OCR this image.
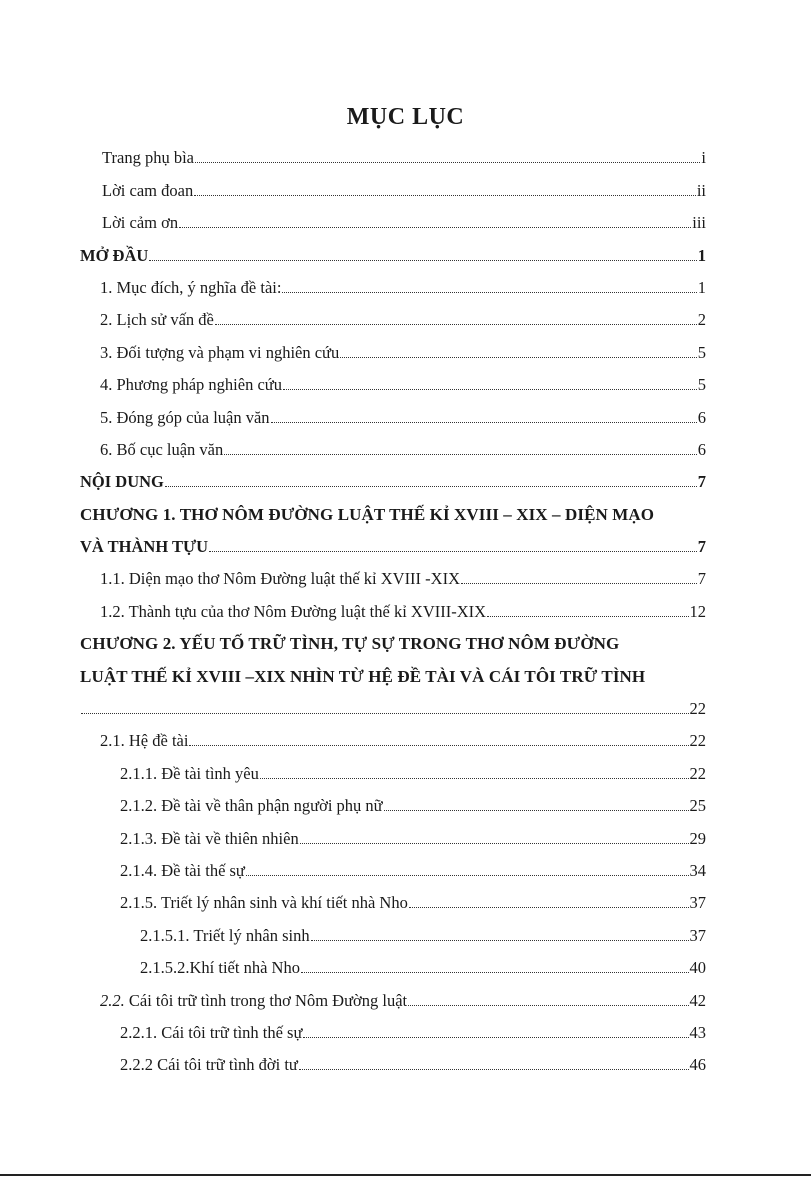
MỤC LỤC
Trang phụ bìa	i
Lời cam đoan	ii
Lời cảm ơn	iii
MỞ ĐẦU	1
1. Mục đích, ý nghĩa đề tài:	1
2. Lịch sử vấn đề	2
3. Đối tượng và phạm vi nghiên cứu	5
4. Phương pháp nghiên cứu	5
5. Đóng góp của luận văn	6
6. Bố cục luận văn	6
NỘI DUNG	7
CHƯƠNG 1. THƠ NÔM ĐƯỜNG LUẬT THẾ KỈ XVIII – XIX – DIỆN MẠO
VÀ THÀNH TỰU	7
1.1. Diện mạo thơ Nôm Đường luật thế kỉ XVIII -XIX	7
1.2. Thành tựu của thơ Nôm Đường luật thế kỉ XVIII-XIX	12
CHƯƠNG 2. YẾU TỐ TRỮ TÌNH, TỰ SỰ TRONG THƠ NÔM ĐƯỜNG
LUẬT THẾ KỈ XVIII –XIX NHÌN TỪ HỆ ĐỀ TÀI VÀ CÁI TÔI TRỮ TÌNH
22
2.1. Hệ đề tài	22
2.1.1. Đề tài tình yêu	22
2.1.2. Đề tài về thân phận người phụ nữ	25
2.1.3. Đề tài về thiên nhiên	29
2.1.4. Đề tài thế sự	34
2.1.5. Triết lý nhân sinh và khí tiết nhà Nho	37
2.1.5.1. Triết lý nhân sinh	37
2.1.5.2.Khí tiết nhà Nho	40
2.2. Cái tôi trữ tình trong thơ Nôm Đường luật	42
2.2.1. Cái tôi trữ tình thế sự	43
2.2.2 Cái tôi trữ tình đời tư	46
